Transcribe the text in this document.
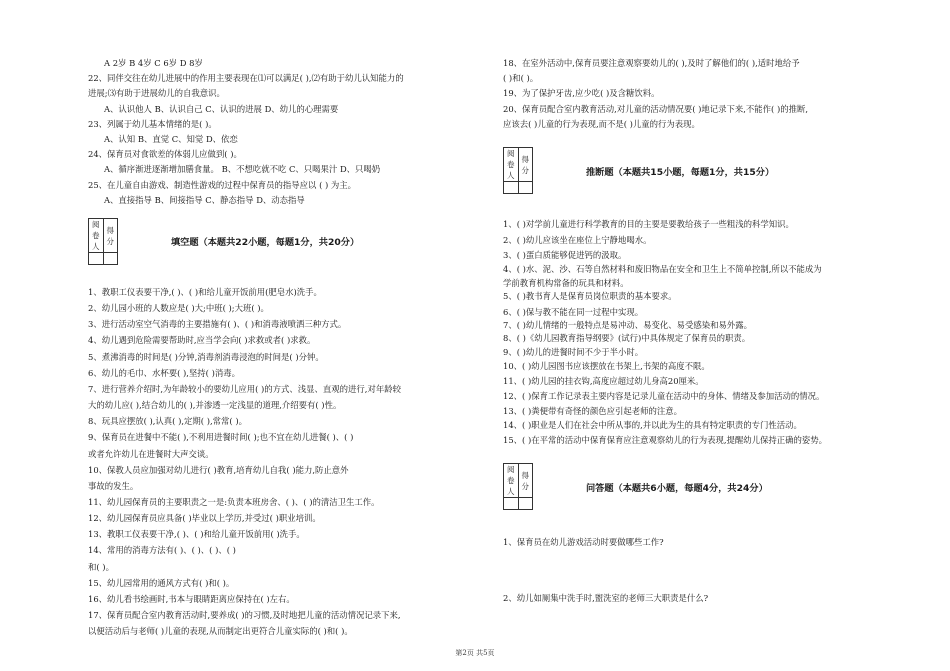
A 2岁 B 4岁 C 6岁 D 8岁
22、同伴交往在幼儿进展中的作用主要表现在⑴可以满足( ),⑵有助于幼儿认知能力的
进展;⑶有助于进展幼儿的自我意识。
A、认识他人 B、认识自己 C、认识的进展 D、幼儿的心理需要
23、列属于幼儿基本情绪的是( )。
A、认知 B、直觉 C、知觉 D、依恋
24、保育员对食欲差的体弱儿应做到( )。
A、循序渐进逐渐增加膳食量。 B、不想吃就不吃 C、只喝果汁 D、只喝奶
25、在儿童自由游戏、制造性游戏的过程中保育员的指导应以 ( ) 为主。
A、直接指导 B、间接指导 C、静态指导 D、动态指导
阅卷人	得分
		填空题（本题共22小题，每题1分，共20分）
1、教职工仪表要干净,( )、( )和给儿童开饭前用(肥皂水)洗手。
2、幼儿园小班的人数应是( )大;中班( );大班( )。
3、进行活动室空气消毒的主要措施有( )、( )和消毒液喷洒三种方式。
4、幼儿遇到危险需要帮助时,应当学会向( )求救或者( )求救。
5、煮沸消毒的时间是( )分钟,消毒剂消毒浸泡的时间是( )分钟。
6、幼儿的毛巾、水杯要( ),坚持( )消毒。
7、进行营养介绍时,为年龄较小的要幼儿应用( )的方式、浅显、直观的进行,对年龄较
大的幼儿应( ),结合幼儿的( ),并渗透一定浅显的道理,介绍要有( )性。
8、玩具应摆放( ),认真( ),定期( ),常常( )。
9、保育员在进餐中不能( ),不利用进餐时间( );也不宜在幼儿进餐( )、( )
或者允许幼儿在进餐时大声交谈。
10、保教人员应加强对幼儿进行( )教育,培育幼儿自我( )能力,防止意外
事故的发生。
11、幼儿园保育员的主要职责之一是:负责本班房舍、( )、( )的清洁卫生工作。
12、幼儿园保育员应具备( )毕业以上学历,并受过( )职业培训。
13、教职工仪表要干净,( )、( )和给儿童开饭前用( )洗手。
14、常用的消毒方法有( )、( )、( )、( )
和( )。
15、幼儿园常用的通风方式有( )和( )。
16、幼儿看书绘画时,书本与眼睛距离应保持在( )左右。
17、保育员配合室内教育活动时,要养成( )的习惯,及时地把儿童的活动情况记录下来,
以便活动后与老师( )儿童的表现,从而制定出更符合儿童实际的( )和( )。
18、在室外活动中,保育员要注意观察要幼儿的( ),及时了解他们的( ),适时地给予
( )和( )。
19、为了保护牙齿,应少吃( )及含糖饮料。
20、保育员配合室内教育活动,对儿童的活动情况要( )地记录下来,不能作( )的推断,
应该去( )儿童的行为表现,而不是( )儿童的行为表现。
阅卷人	得分
		推断题（本题共15小题，每题1分，共15分）
1、( )对学前儿童进行科学教育的目的主要是要教给孩子一些粗浅的科学知识。
2、( )幼儿应该坐在座位上宁静地喝水。
3、( )蛋白质能够促进钙的汲取。
4、( )水、泥、沙、石等自然材料和废旧物品在安全和卫生上不简单控制,所以不能成为
学前教育机构常备的玩具和材料。
5、( )教书育人是保育员岗位职责的基本要求。
6、( )保与教不能在同一过程中实现。
7、( )幼儿情绪的一般特点是易冲动、易变化、易受感染和易外露。
8、( )《幼儿园教育指导纲要》(试行)中具体规定了保育员的职责。
9、( )幼儿的进餐时间不少于半小时。
10、( )幼儿园图书应该摆放在书架上,书架的高度不限。
11、( )幼儿园的挂衣钩,高度应超过幼儿身高20厘米。
12、( )保育工作记录表主要内容是记录儿童在活动中的身体、情绪及参加活动的情况。
13、( )粪便带有奇怪的颜色应引起老师的注意。
14、( )职业是人们在社会中所从事的,并以此为生的具有特定职责的专门性活动。
15、( )在平常的活动中保育保育应注意观察幼儿的行为表现,提醒幼儿保持正确的姿势。
阅卷人	得分
		问答题（本题共6小题，每题4分，共24分）
1、保育员在幼儿游戏活动时要做哪些工作?
2、幼儿如厕集中洗手时,盥洗室的老师三大职责是什么?
第2页 共5页
